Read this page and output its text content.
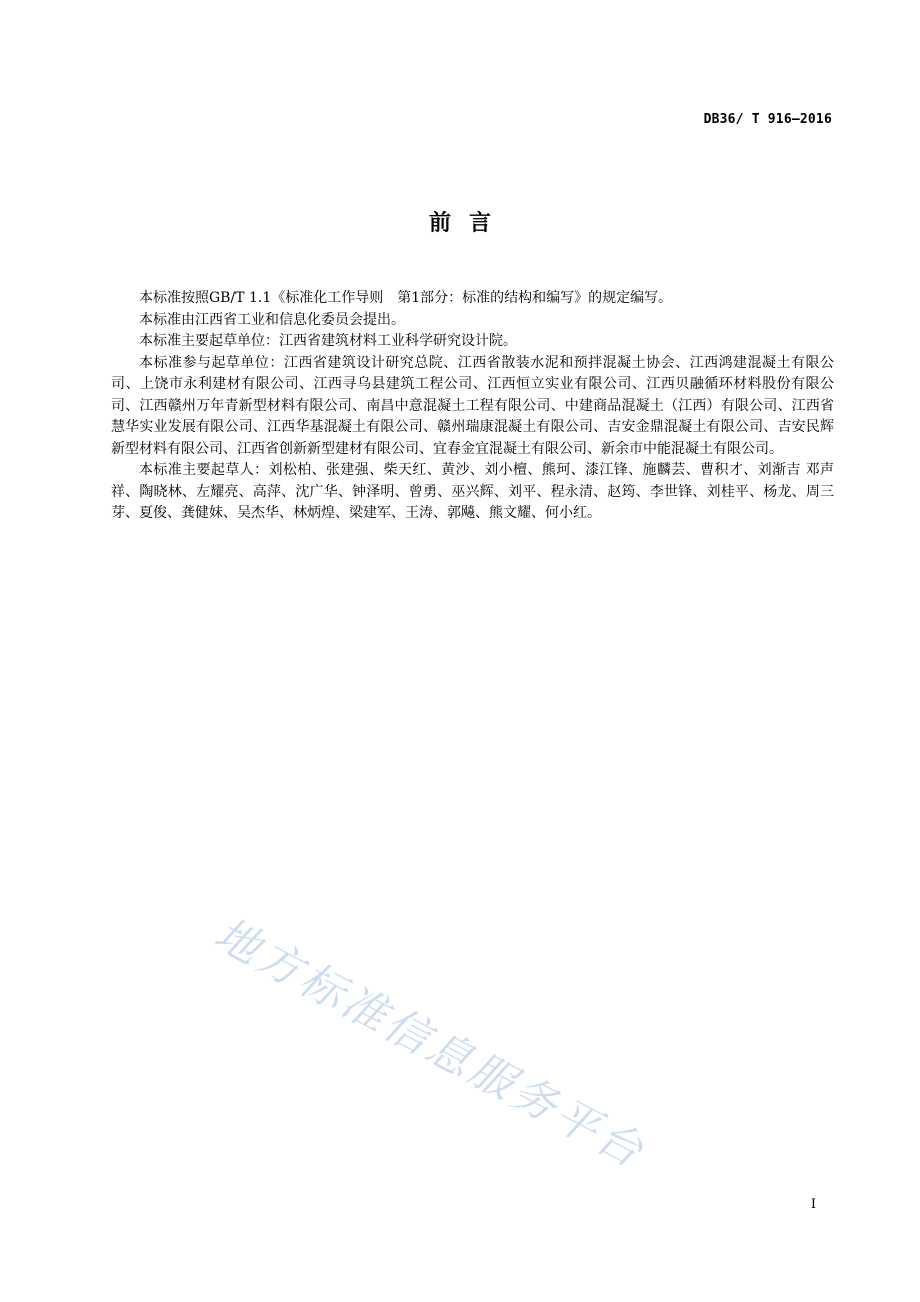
DB36/ T 916—2016
前言

本标准按照GB/T 1.1《标准化工作导则　第1部分：标准的结构和编写》的规定编写。

本标准由江西省工业和信息化委员会提出。

本标准主要起草单位：江西省建筑材料工业科学研究设计院。

本标准参与起草单位：江西省建筑设计研究总院、江西省散装水泥和预拌混凝土协会、江西鸿建混凝土有限公司、上饶市永利建材有限公司、江西寻乌县建筑工程公司、江西恒立实业有限公司、江西贝融循环材料股份有限公司、江西赣州万年青新型材料有限公司、南昌中意混凝土工程有限公司、中建商品混凝土（江西）有限公司、江西省慧华实业发展有限公司、江西华基混凝土有限公司、赣州瑞康混凝土有限公司、吉安金鼎混凝土有限公司、吉安民辉新型材料有限公司、江西省创新新型建材有限公司、宜春金宜混凝土有限公司、新余市中能混凝土有限公司。

本标准主要起草人：刘松柏、张建强、柴天红、黄沙、刘小檀、熊珂、漆江锋、施麟芸、曹积才、刘渐吉 邓声祥、陶晓林、左耀亮、高萍、沈广华、钟泽明、曾勇、巫兴辉、刘平、程永清、赵筠、李世锋、刘桂平、杨龙、周三芽、夏俊、龚健妹、吴杰华、林炳煌、梁建军、王涛、郭飚、熊文耀、何小红。

地方标准信息服务平台
I
